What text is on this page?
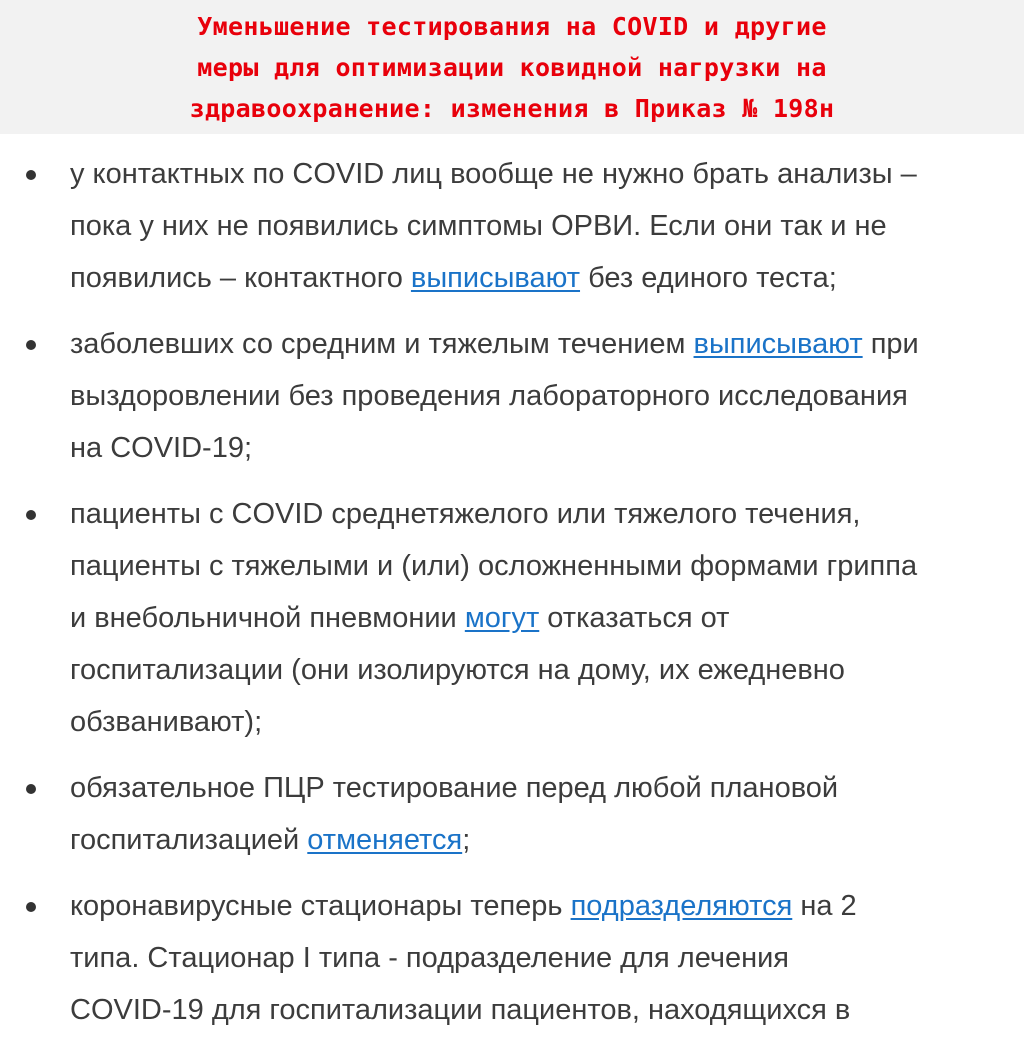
Уменьшение тестирования на COVID и другие
меры для оптимизации ковидной нагрузки на
здравоохранение: изменения в Приказ № 198н
у контактных по COVID лиц вообще не нужно брать анализы –
пока у них не появились симптомы ОРВИ. Если они так и не
появились – контактного выписывают без единого теста;
заболевших со средним и тяжелым течением выписывают при
выздоровлении без проведения лабораторного исследования
на COVID-19;
пациенты с COVID среднетяжелого или тяжелого течения,
пациенты с тяжелыми и (или) осложненными формами гриппа
и внебольничной пневмонии могут отказаться от
госпитализации (они изолируются на дому, их ежедневно
обзванивают);
обязательное ПЦР тестирование перед любой плановой
госпитализацией отменяется;
коронавирусные стационары теперь подразделяются на 2
типа. Стационар I типа - подразделение для лечения
COVID-19 для госпитализации пациентов, находящихся в
